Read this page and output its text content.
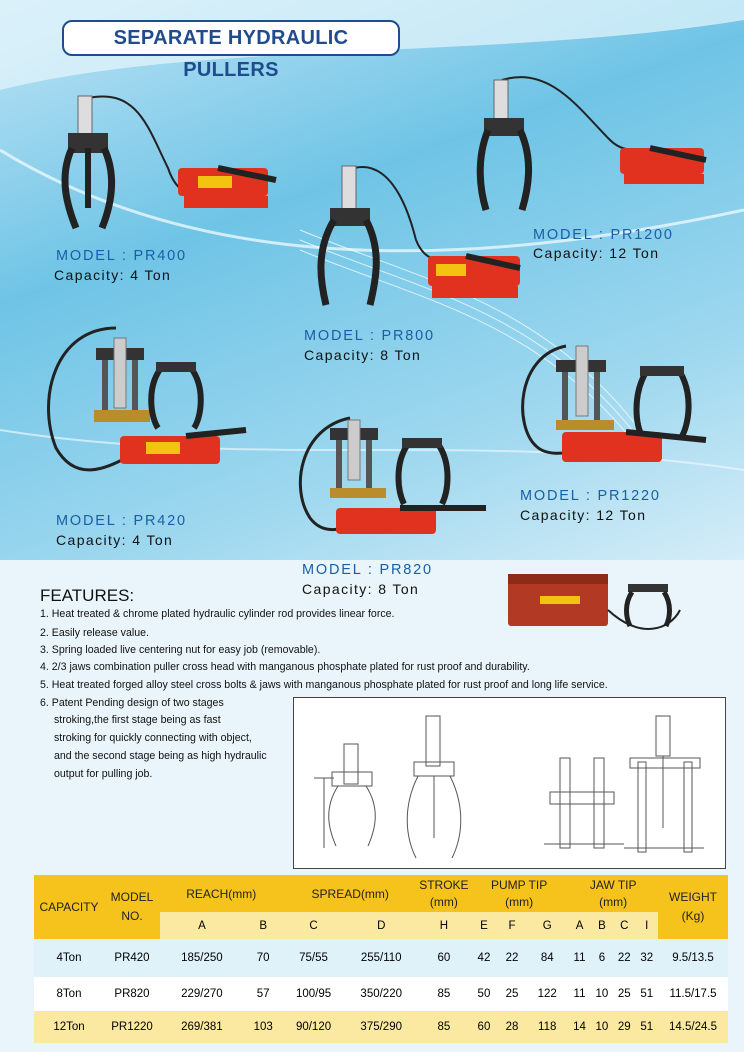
SEPARATE HYDRAULIC PULLERS
MODEL : PR400
Capacity: 4 Ton
MODEL : PR1200
Capacity: 12 Ton
MODEL : PR800
Capacity: 8 Ton
MODEL : PR420
Capacity: 4 Ton
MODEL : PR820
Capacity: 8 Ton
MODEL : PR1220
Capacity: 12 Ton
FEATURES:
1. Heat treated & chrome plated hydraulic cylinder rod provides linear force.
2. Easily release value.
3. Spring loaded live centering nut for easy job (removable).
4. 2/3 jaws combination puller cross head with manganous phosphate plated for rust proof and durability.
5. Heat treated forged alloy steel cross bolts & jaws with manganous phosphate plated for rust proof and long life service.
6. Patent Pending design of two stages
stroking,the first stage being as fast
stroking for quickly connecting with object,
and the second stage being as high hydraulic
output for pulling job.
CAPACITY	MODEL
NO.	REACH(mm)		SPREAD(mm)		STROKE
(mm)	PUMP TIP
(mm)			JAW TIP
(mm)				WEIGHT
(Kg)
		A	B	C	D	H	E	F	G	A	B	C	I	
4Ton	PR420	185/250	70	75/55	255/110	60	42	22	84	11	6	22	32	9.5/13.5
8Ton	PR820	229/270	57	100/95	350/220	85	50	25	122	11	10	25	51	11.5/17.5
12Ton	PR1220	269/381	103	90/120	375/290	85	60	28	118	14	10	29	51	14.5/24.5
